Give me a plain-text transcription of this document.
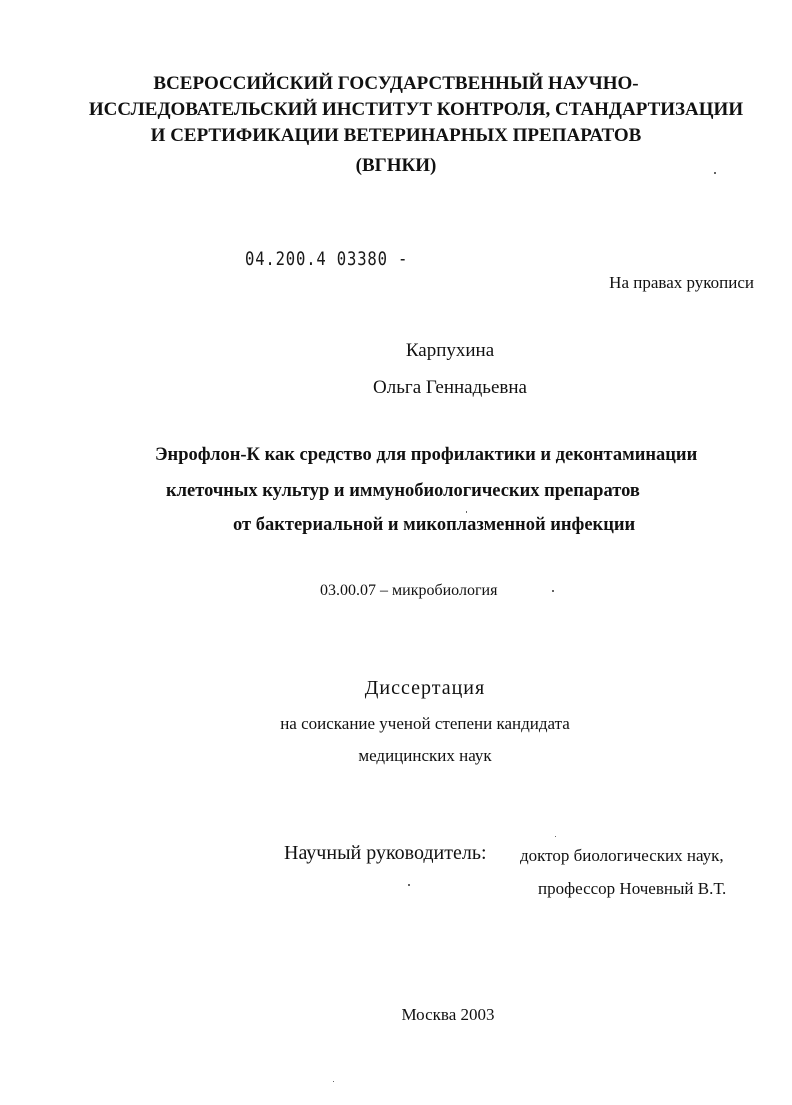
ВСЕРОССИЙСКИЙ ГОСУДАРСТВЕННЫЙ НАУЧНО-
ИССЛЕДОВАТЕЛЬСКИЙ ИНСТИТУТ КОНТРОЛЯ, СТАНДАРТИЗАЦИИ
И СЕРТИФИКАЦИИ ВЕТЕРИНАРНЫХ ПРЕПАРАТОВ
(ВГНКИ)
04.200.4 03380 -
На правах рукописи
Карпухина
Ольга Геннадьевна
Энрофлон-К как средство для профилактики и деконтаминации
клеточных культур и иммунобиологических препаратов
от бактериальной и микоплазменной инфекции
03.00.07 – микробиология
Диссертация
на соискание ученой степени кандидата
медицинских наук
Научный руководитель: доктор биологических наук,
профессор Ночевный В.Т.
Москва 2003
